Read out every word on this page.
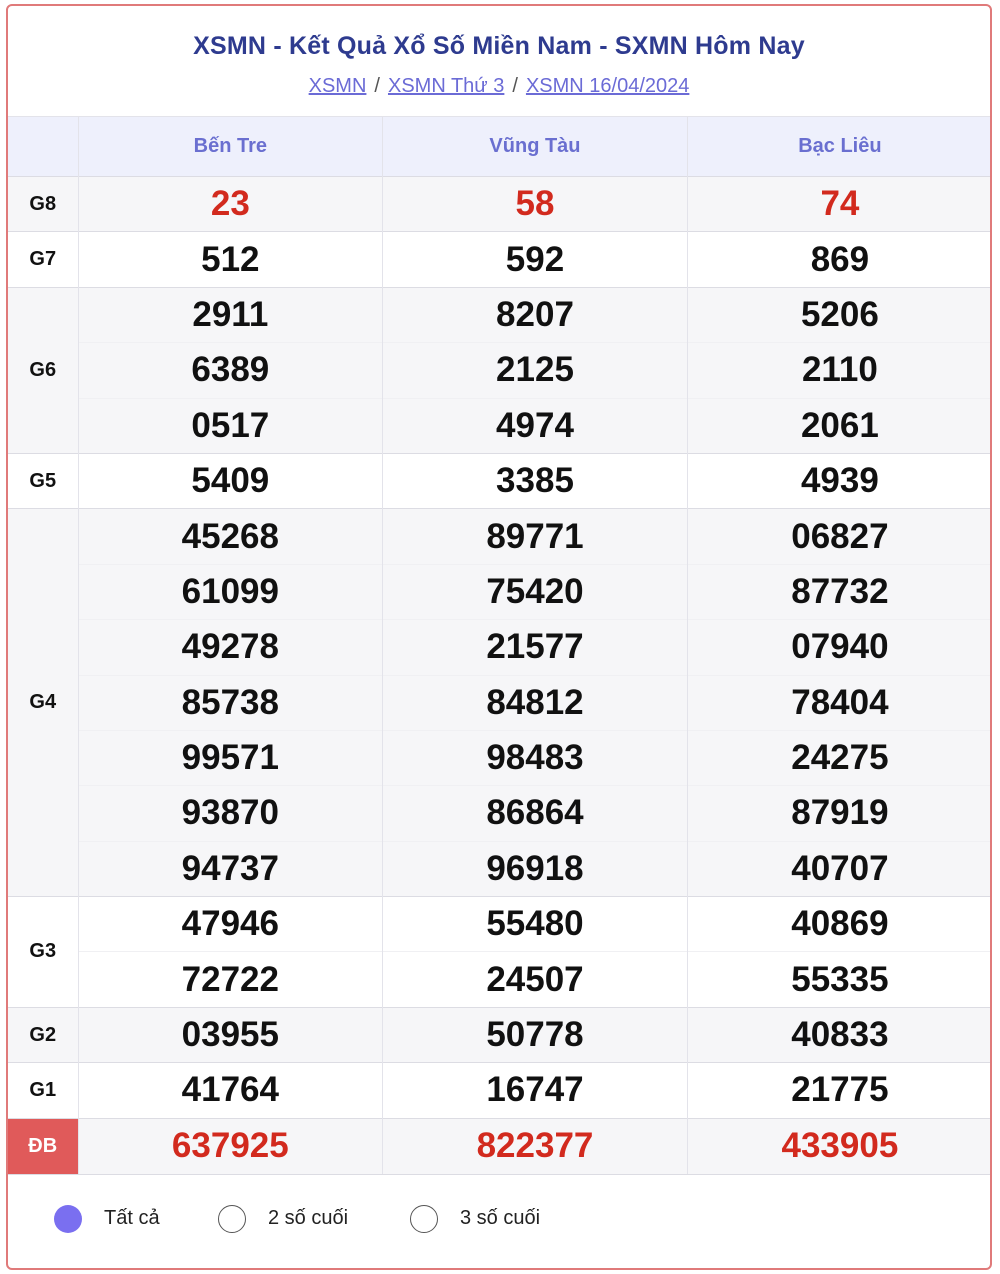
XSMN - Kết Quả Xổ Số Miền Nam - SXMN Hôm Nay
XSMN / XSMN Thứ 3 / XSMN 16/04/2024
	Bến Tre	Vũng Tàu	Bạc Liêu
G8	23	58	74
G7	512	592	869
G6	2911	8207	5206
	6389	2125	2110
	0517	4974	2061
G5	5409	3385	4939
G4	45268	89771	06827
	61099	75420	87732
	49278	21577	07940
	85738	84812	78404
	99571	98483	24275
	93870	86864	87919
	94737	96918	40707
G3	47946	55480	40869
	72722	24507	55335
G2	03955	50778	40833
G1	41764	16747	21775
ĐB	637925	822377	433905
Tất cả	2 số cuối	3 số cuối
